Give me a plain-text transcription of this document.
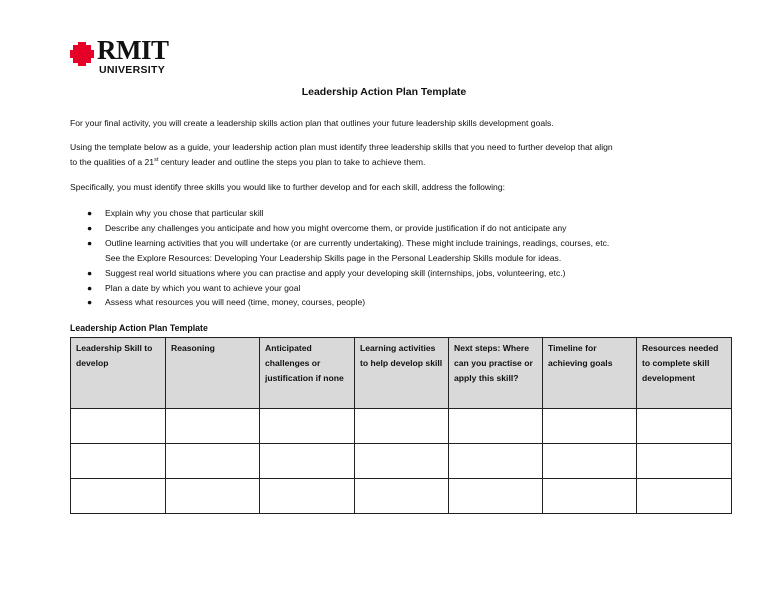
RMIT
UNIVERSITY
Leadership Action Plan Template
For your final activity, you will create a leadership skills action plan that outlines your future leadership skills development goals.
Using the template below as a guide, your leadership action plan must identify three leadership skills that you need to further develop that align
to the qualities of a 21st century leader and outline the steps you plan to take to achieve them.
Specifically, you must identify three skills you would like to further develop and for each skill, address the following:
● Explain why you chose that particular skill
● Describe any challenges you anticipate and how you might overcome them, or provide justification if do not anticipate any
● Outline learning activities that you will undertake (or are currently undertaking). These might include trainings, readings, courses, etc.
See the Explore Resources: Developing Your Leadership Skills page in the Personal Leadership Skills module for ideas.
● Suggest real world situations where you can practise and apply your developing skill (internships, jobs, volunteering, etc.)
● Plan a date by which you want to achieve your goal
● Assess what resources you will need (time, money, courses, people)
Leadership Action Plan Template
Leadership Skill to develop	Reasoning	Anticipated challenges or justification if none	Learning activities to help develop skill	Next steps: Where can you practise or apply this skill?	Timeline for achieving goals	Resources needed to complete skill development
